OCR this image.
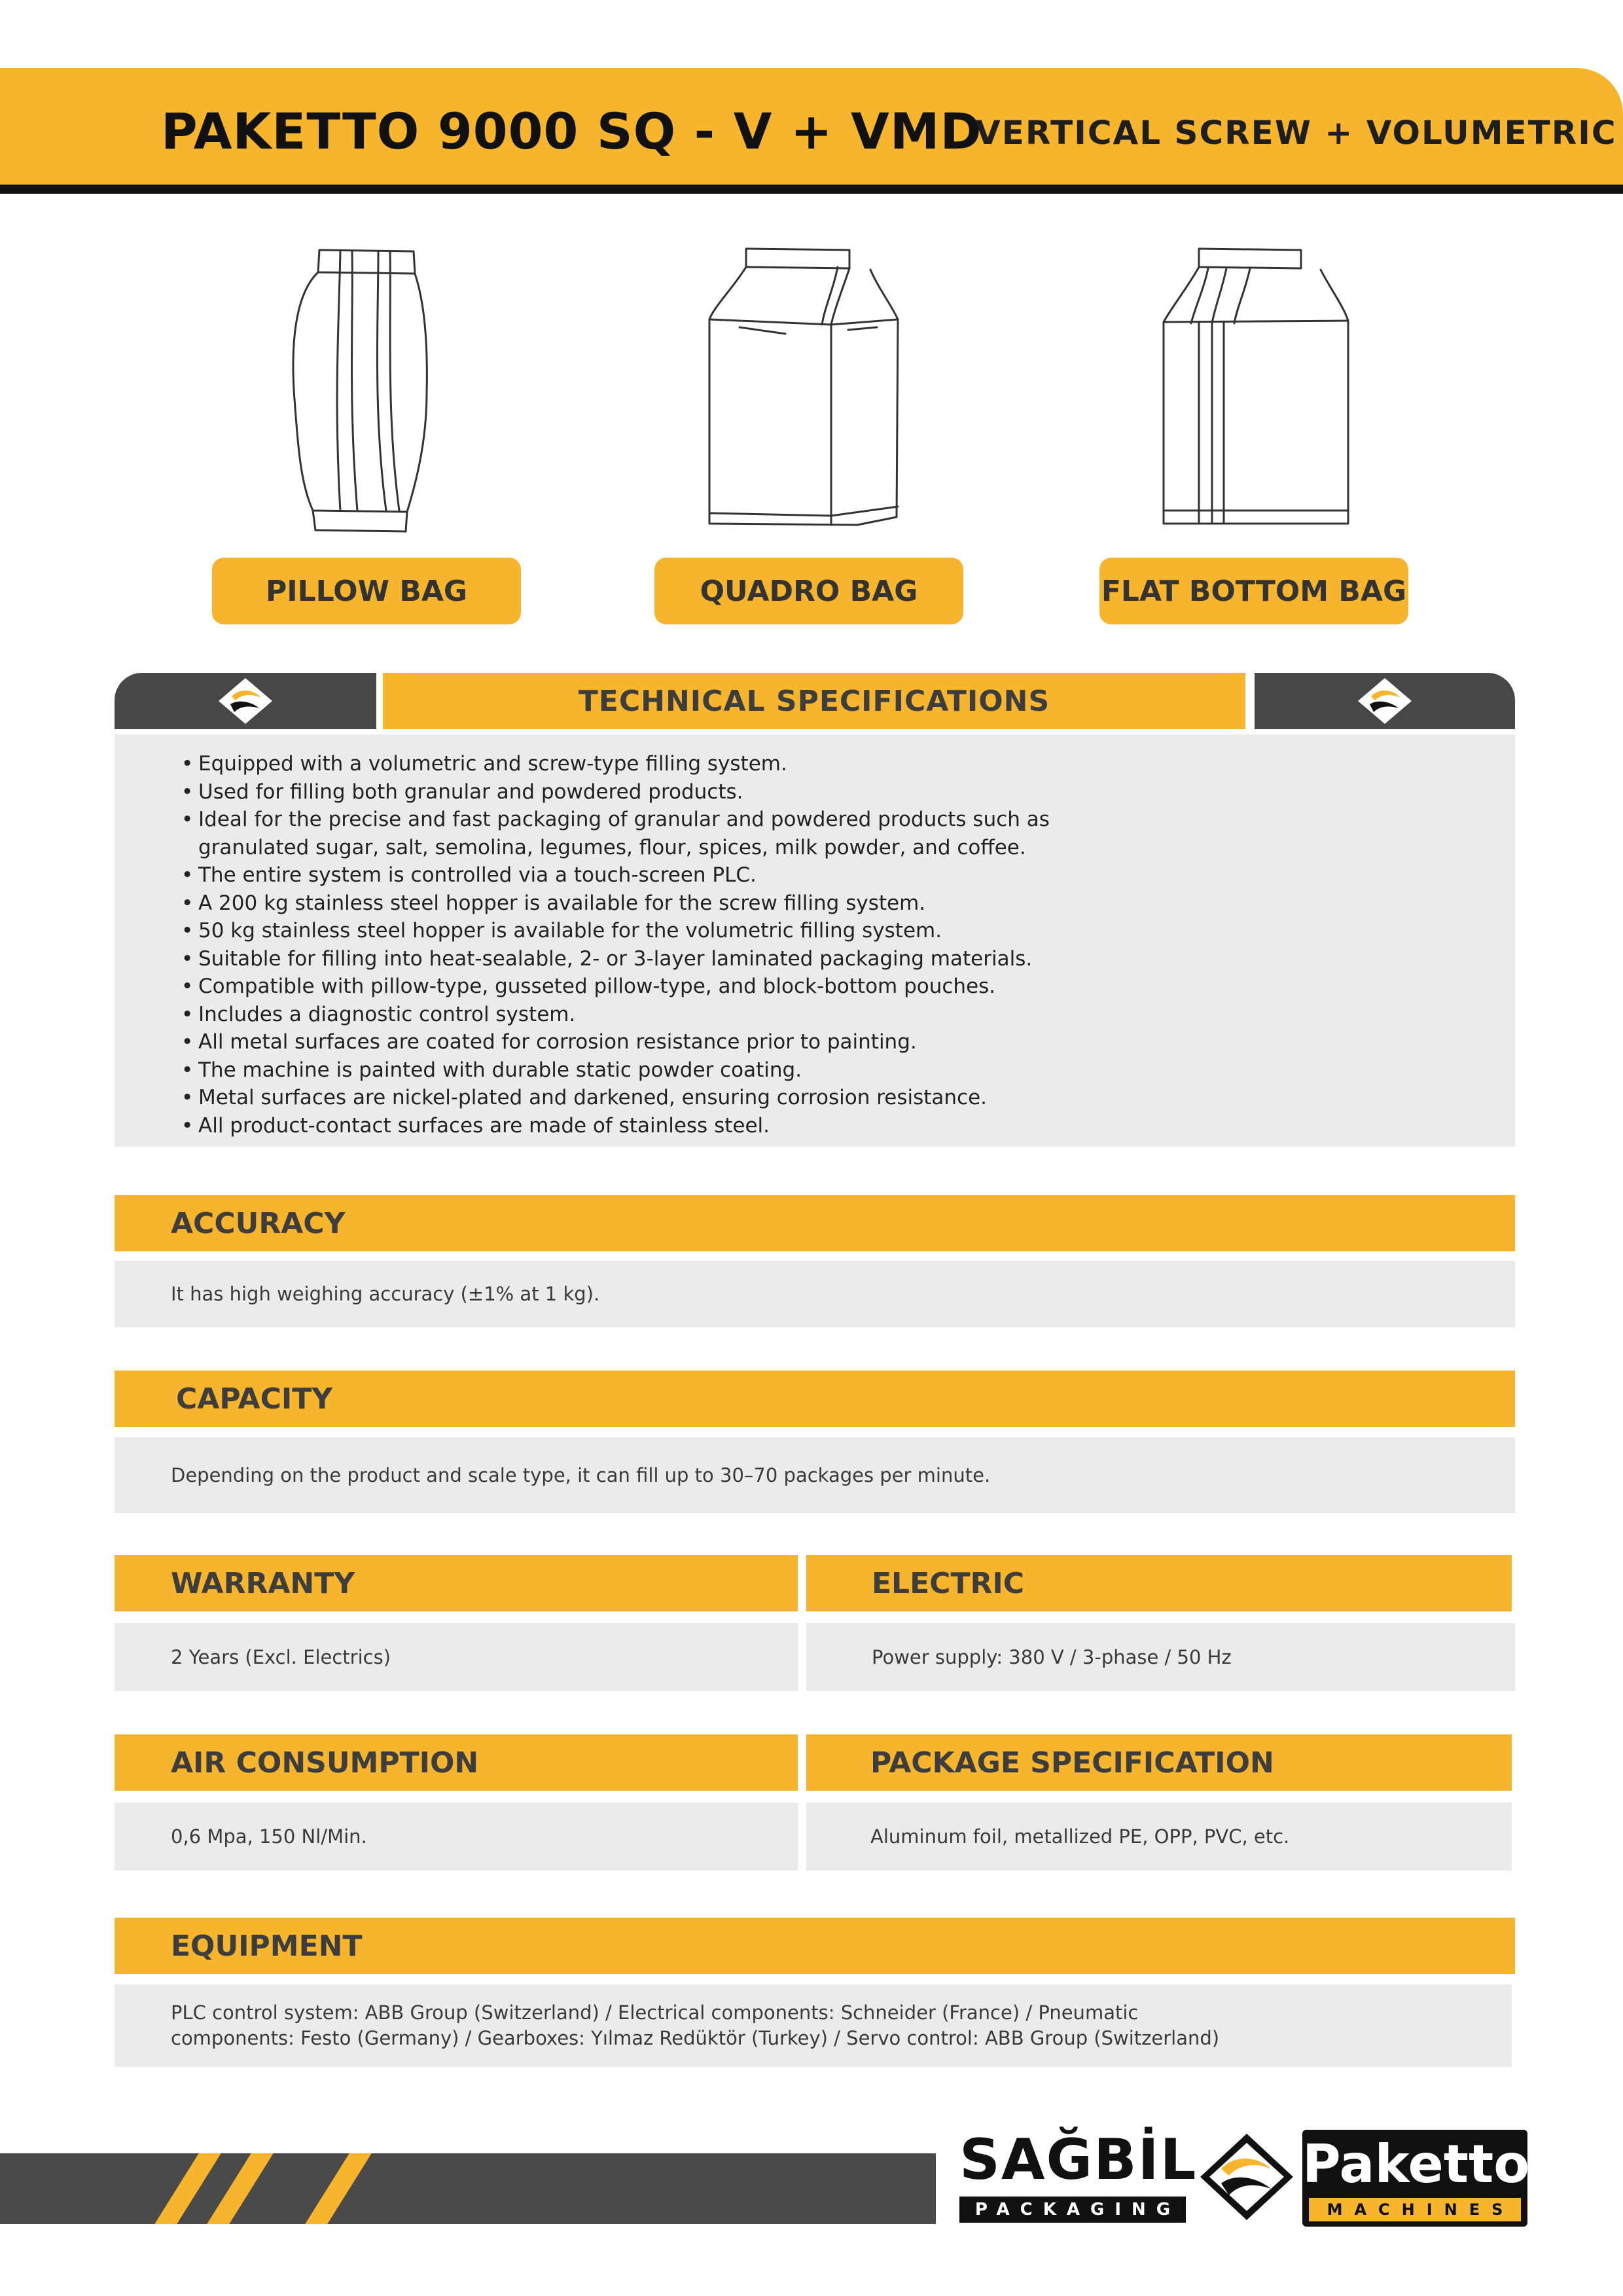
PAKETTO 9000 SQ - V + VMD
VERTICAL SCREW + VOLUMETRIC
PILLOW BAG	QUADRO BAG	FLAT BOTTOM BAG
TECHNICAL SPECIFICATIONS
• Equipped with a volumetric and screw-type filling system.
• Used for filling both granular and powdered products.
• Ideal for the precise and fast packaging of granular and powdered products such as granulated sugar, salt, semolina, legumes, flour, spices, milk powder, and coffee.
• The entire system is controlled via a touch-screen PLC.
• A 200 kg stainless steel hopper is available for the screw filling system.
• 50 kg stainless steel hopper is available for the volumetric filling system.
• Suitable for filling into heat-sealable, 2- or 3-layer laminated packaging materials.
• Compatible with pillow-type, gusseted pillow-type, and block-bottom pouches.
• Includes a diagnostic control system.
• All metal surfaces are coated for corrosion resistance prior to painting.
• The machine is painted with durable static powder coating.
• Metal surfaces are nickel-plated and darkened, ensuring corrosion resistance.
• All product-contact surfaces are made of stainless steel.
ACCURACY
It has high weighing accuracy (±1% at 1 kg).
CAPACITY
Depending on the product and scale type, it can fill up to 30–70 packages per minute.
WARRANTY
2 Years (Excl. Electrics)
ELECTRIC
Power supply: 380 V / 3-phase / 50 Hz
AIR CONSUMPTION
0,6 Mpa, 150 Nl/Min.
PACKAGE SPECIFICATION
Aluminum foil, metallized PE, OPP, PVC, etc.
EQUIPMENT
PLC control system: ABB Group (Switzerland) / Electrical components: Schneider (France) / Pneumatic
components: Festo (Germany) / Gearboxes: Yılmaz Redüktör (Turkey) / Servo control: ABB Group (Switzerland)
SAĞBİL
PACKAGING
Paketto
MACHINES
